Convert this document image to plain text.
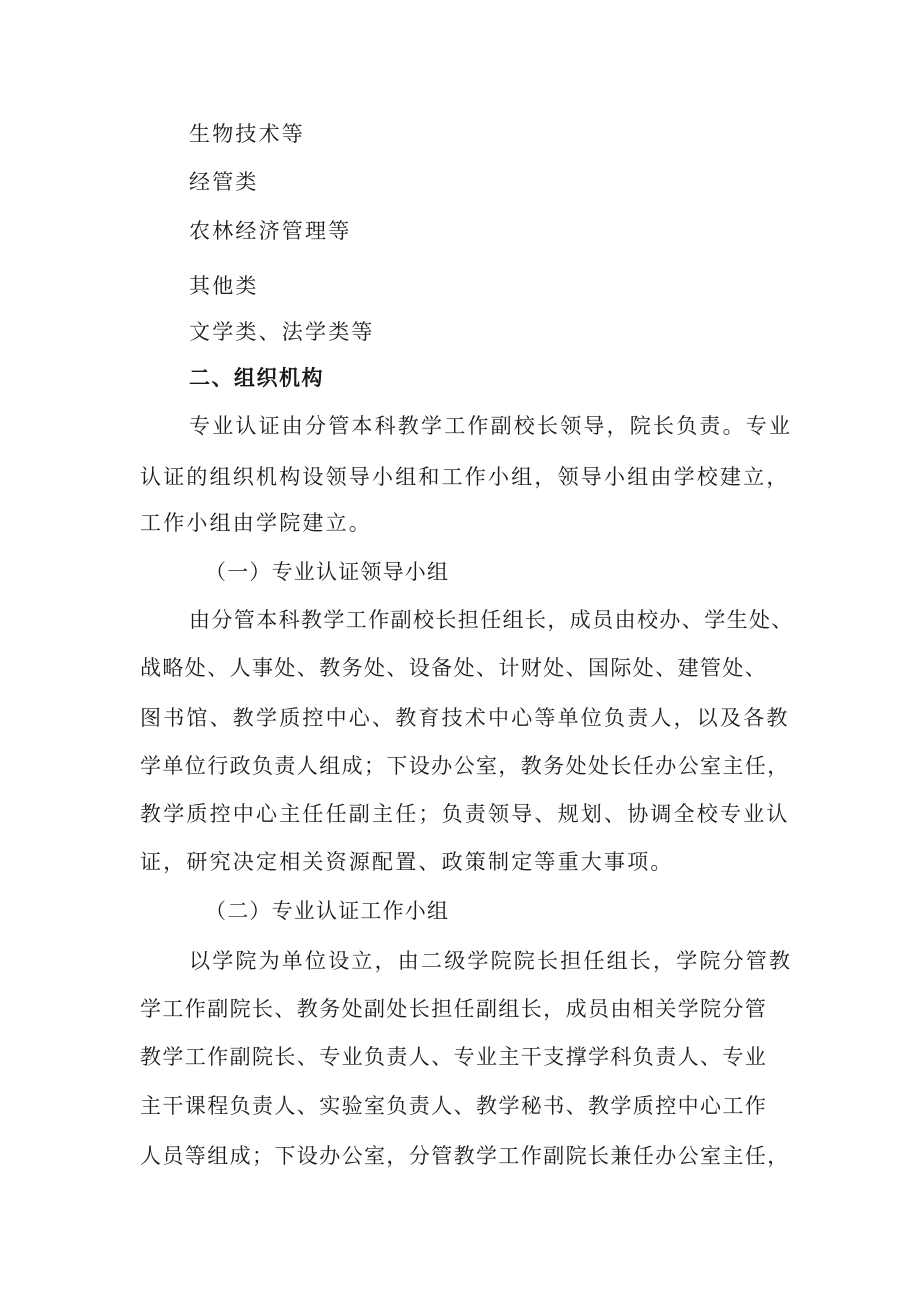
生物技术等

经管类

农林经济管理等

其他类

文学类、法学类等

二、组织机构

专业认证由分管本科教学工作副校长领导，院长负责。专业

认证的组织机构设领导小组和工作小组，领导小组由学校建立，

工作小组由学院建立。

（一）专业认证领导小组

由分管本科教学工作副校长担任组长，成员由校办、学生处、

战略处、人事处、教务处、设备处、计财处、国际处、建管处、

图书馆、教学质控中心、教育技术中心等单位负责人，以及各教

学单位行政负责人组成；下设办公室，教务处处长任办公室主任，

教学质控中心主任任副主任；负责领导、规划、协调全校专业认

证，研究决定相关资源配置、政策制定等重大事项。

（二）专业认证工作小组

以学院为单位设立，由二级学院院长担任组长，学院分管教

学工作副院长、教务处副处长担任副组长，成员由相关学院分管

教学工作副院长、专业负责人、专业主干支撑学科负责人、专业

主干课程负责人、实验室负责人、教学秘书、教学质控中心工作

人员等组成；下设办公室，分管教学工作副院长兼任办公室主任，
